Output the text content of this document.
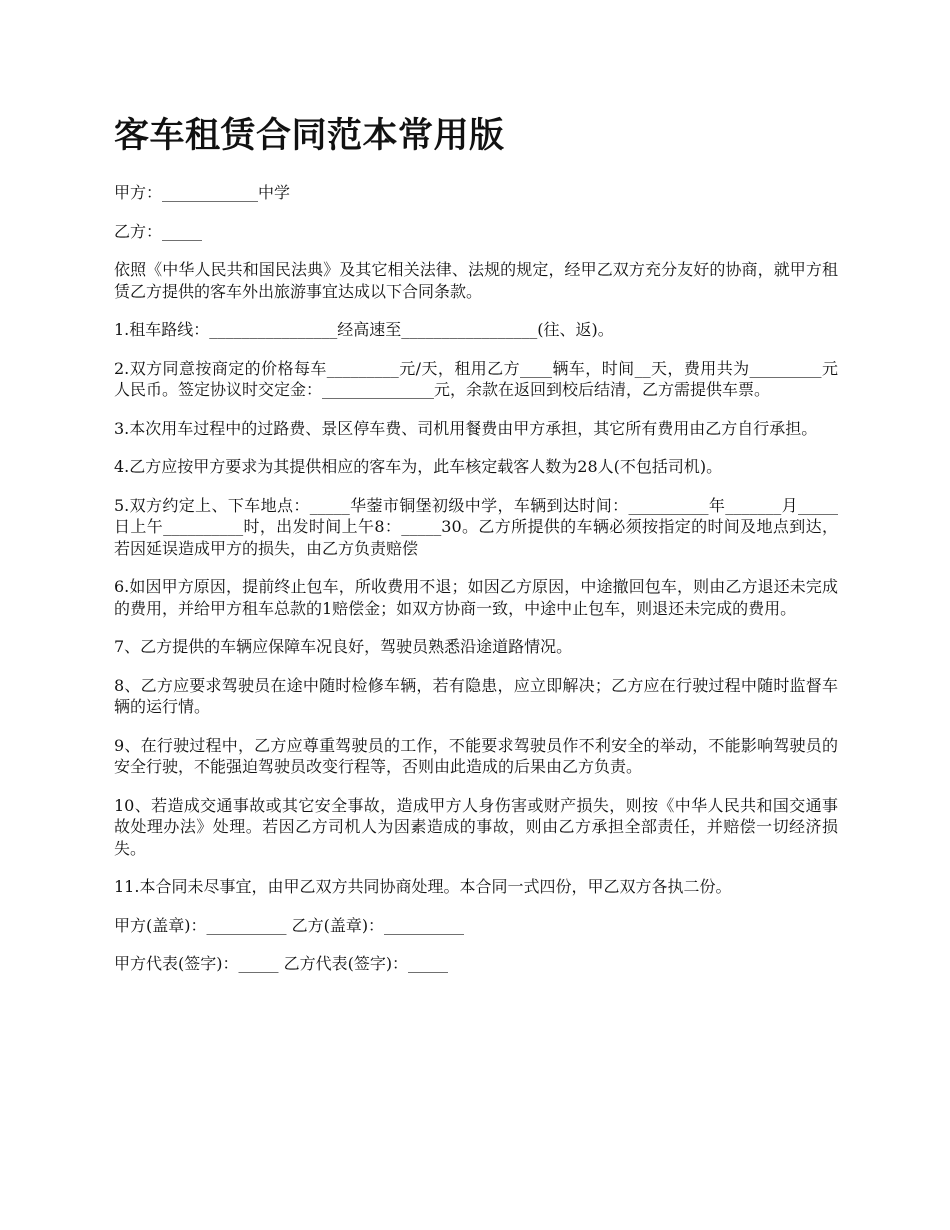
客车租赁合同范本常用版

甲方：____________中学

乙方：_____

依照《中华人民共和国民法典》及其它相关法律、法规的规定，经甲乙双方充分友好的协商，就甲方租赁乙方提供的客车外出旅游事宜达成以下合同条款。

1.租车路线：________________经高速至_________________(往、返)。

2.双方同意按商定的价格每车_________元/天，租用乙方____辆车，时间__天，费用共为_________元人民币。签定协议时交定金：______________元，余款在返回到校后结清，乙方需提供车票。

3.本次用车过程中的过路费、景区停车费、司机用餐费由甲方承担，其它所有费用由乙方自行承担。

4.乙方应按甲方要求为其提供相应的客车为，此车核定载客人数为28人(不包括司机)。

5.双方约定上、下车地点：_____华蓥市铜堡初级中学，车辆到达时间：__________年_______月_____日上午__________时，出发时间上午8：_____30。乙方所提供的车辆必须按指定的时间及地点到达，若因延误造成甲方的损失，由乙方负责赔偿

6.如因甲方原因，提前终止包车，所收费用不退；如因乙方原因，中途撤回包车，则由乙方退还未完成的费用，并给甲方租车总款的1赔偿金；如双方协商一致，中途中止包车，则退还未完成的费用。

7、乙方提供的车辆应保障车况良好，驾驶员熟悉沿途道路情况。

8、乙方应要求驾驶员在途中随时检修车辆，若有隐患，应立即解决；乙方应在行驶过程中随时监督车辆的运行情。

9、在行驶过程中，乙方应尊重驾驶员的工作，不能要求驾驶员作不利安全的举动，不能影响驾驶员的安全行驶，不能强迫驾驶员改变行程等，否则由此造成的后果由乙方负责。

10、若造成交通事故或其它安全事故，造成甲方人身伤害或财产损失，则按《中华人民共和国交通事故处理办法》处理。若因乙方司机人为因素造成的事故，则由乙方承担全部责任，并赔偿一切经济损失。

11.本合同未尽事宜，由甲乙双方共同协商处理。本合同一式四份，甲乙双方各执二份。

甲方(盖章)：__________ 乙方(盖章)：__________

甲方代表(签字)：_____ 乙方代表(签字)：_____
